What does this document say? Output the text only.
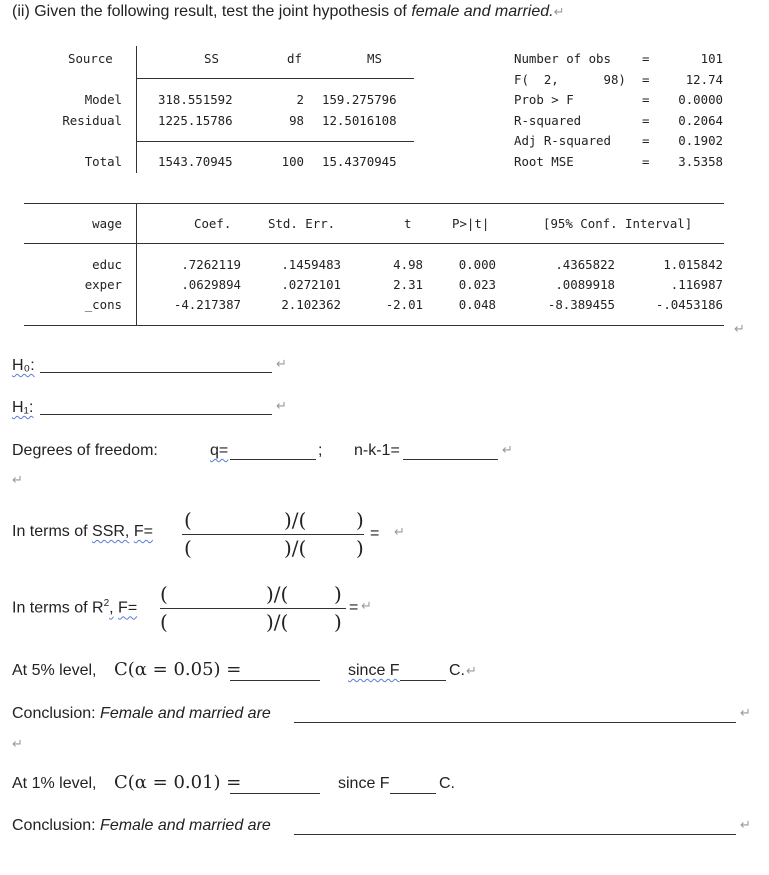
(ii) Given the following result, test the joint hypothesis of female and married.↵
Source	SS	df	MS
Model	318.551592	2 159.275796
Residual	1225.15786	98 12.5016108
Total	1543.70945	100 15.4370945
Number of obs	=	101
F(  2,      98) =	12.74
Prob > F	=	0.0000
R-squared	=	0.2064
Adj R-squared	=	0.1902
Root MSE	=	3.5358
wage	Coef.	Std. Err.	t	P>|t|	[95% Conf. Interval]
educ	.7262119	.1459483	4.98	0.000	.4365822	1.015842
exper	.0629894	.0272101	2.31	0.023	.0089918	.116987
_cons	-4.217387	2.102362	-2.01	0.048	-8.389455	-.0453186
↵
H₀:	↵
H₁:	↵
Degrees of freedom:	q=	; n-k-1=	↵
↵
In terms of SSR, F= (	)/( )
(	)/( )
= ↵
In terms of $R^2$, F=
(	)/( )
(	)/( )
= ↵
At 5% level, C(α = 0.05) =	since F	C. ↵
Conclusion: Female and married are	↵
↵
At 1% level, C(α = 0.01) =	since F	C.
Conclusion: Female and married are	↵
